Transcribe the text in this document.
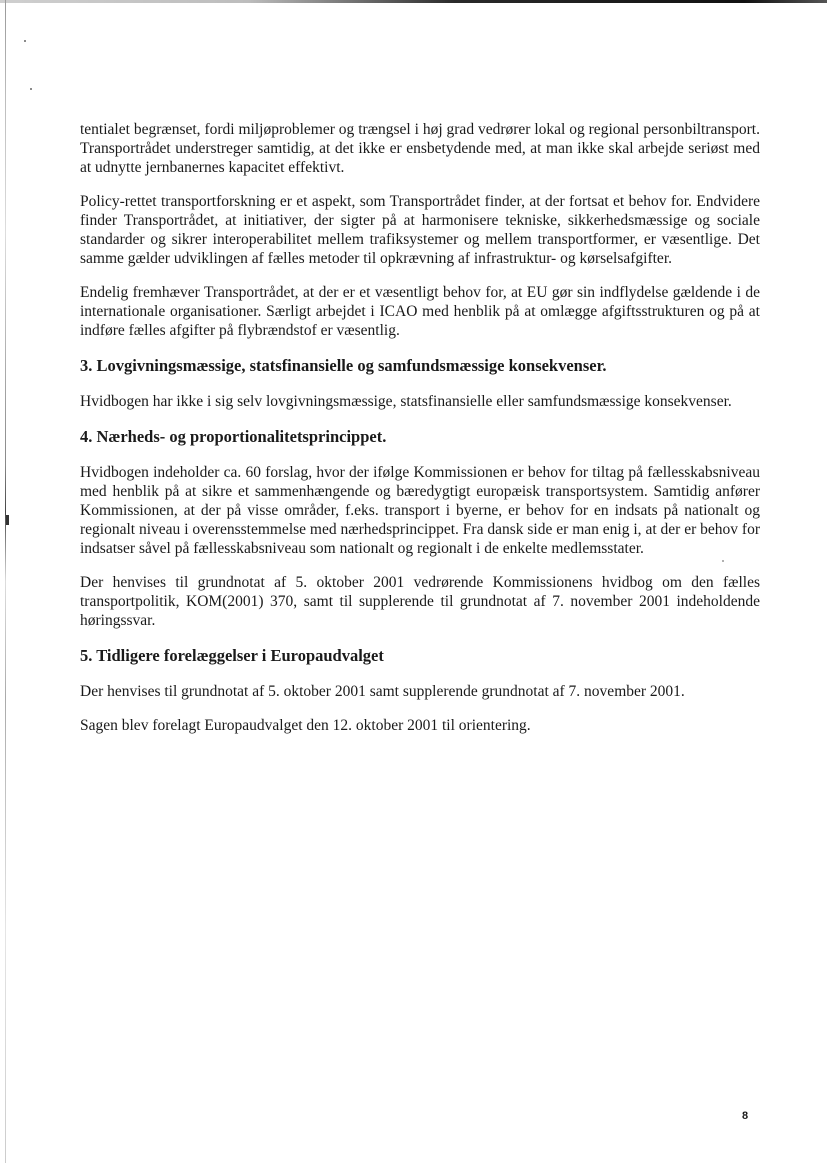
tentialet begrænset, fordi miljøproblemer og trængsel i høj grad vedrører lokal og regional personbiltransport. Transportrådet understreger samtidig, at det ikke er ensbetydende med, at man ikke skal arbejde seriøst med at udnytte jernbanernes kapacitet effektivt.

Policy-rettet transportforskning er et aspekt, som Transportrådet finder, at der fortsat et behov for. Endvidere finder Transportrådet, at initiativer, der sigter på at harmonisere tekniske, sikkerhedsmæssige og sociale standarder og sikrer interoperabilitet mellem trafiksystemer og mellem transportformer, er væsentlige. Det samme gælder udviklingen af fælles metoder til opkrævning af infrastruktur- og kørselsafgifter.

Endelig fremhæver Transportrådet, at der er et væsentligt behov for, at EU gør sin indflydelse gældende i de internationale organisationer. Særligt arbejdet i ICAO med henblik på at omlægge afgiftsstrukturen og på at indføre fælles afgifter på flybrændstof er væsentlig.

3. Lovgivningsmæssige, statsfinansielle og samfundsmæssige konsekvenser.

Hvidbogen har ikke i sig selv lovgivningsmæssige, statsfinansielle eller samfundsmæssige konsekvenser.

4. Nærheds- og proportionalitetsprincippet.

Hvidbogen indeholder ca. 60 forslag, hvor der ifølge Kommissionen er behov for tiltag på fællesskabsniveau med henblik på at sikre et sammenhængende og bæredygtigt europæisk transportsystem. Samtidig anfører Kommissionen, at der på visse områder, f.eks. transport i byerne, er behov for en indsats på nationalt og regionalt niveau i overensstemmelse med nærhedsprincippet. Fra dansk side er man enig i, at der er behov for indsatser såvel på fællesskabsniveau som nationalt og regionalt i de enkelte medlemsstater.

Der henvises til grundnotat af 5. oktober 2001 vedrørende Kommissionens hvidbog om den fælles transportpolitik, KOM(2001) 370, samt til supplerende til grundnotat af 7. november 2001 indeholdende høringssvar.

5. Tidligere forelæggelser i Europaudvalget

Der henvises til grundnotat af 5. oktober 2001 samt supplerende grundnotat af 7. november 2001.

Sagen blev forelagt Europaudvalget den 12. oktober 2001 til orientering.

8
